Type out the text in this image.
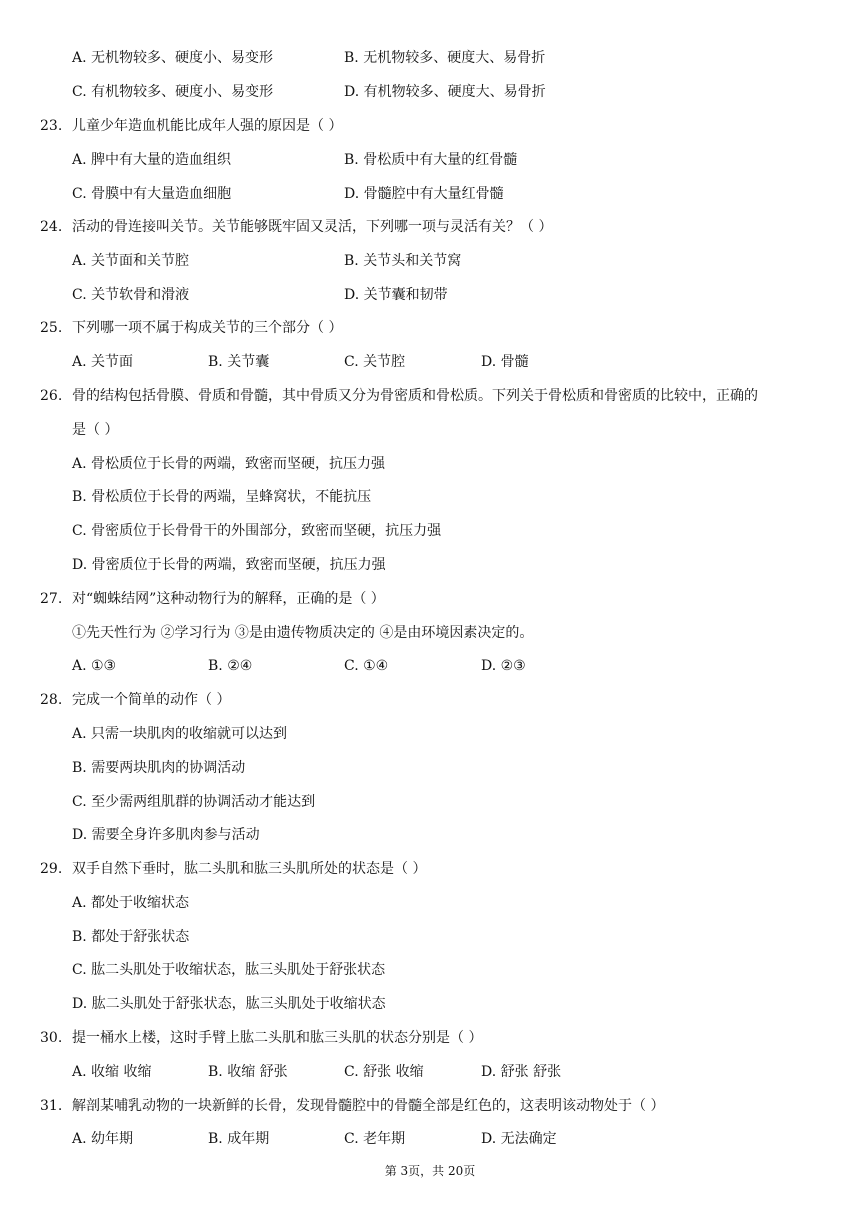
A. 无机物较多、硬度小、易变形	B. 无机物较多、硬度大、易骨折
C. 有机物较多、硬度小、易变形	D. 有机物较多、硬度大、易骨折
23. 儿童少年造血机能比成年人强的原因是（ ）
A. 脾中有大量的造血组织	B. 骨松质中有大量的红骨髓
C. 骨膜中有大量造血细胞	D. 骨髓腔中有大量红骨髓
24. 活动的骨连接叫关节。关节能够既牢固又灵活，下列哪一项与灵活有关？（ ）
A. 关节面和关节腔	B. 关节头和关节窝
C. 关节软骨和滑液	D. 关节囊和韧带
25. 下列哪一项不属于构成关节的三个部分（ ）
A. 关节面	B. 关节囊	C. 关节腔	D. 骨髓
26. 骨的结构包括骨膜、骨质和骨髓，其中骨质又分为骨密质和骨松质。下列关于骨松质和骨密质的比较中，正确的
是（ ）
A. 骨松质位于长骨的两端，致密而坚硬，抗压力强
B. 骨松质位于长骨的两端，呈蜂窝状，不能抗压
C. 骨密质位于长骨骨干的外围部分，致密而坚硬，抗压力强
D. 骨密质位于长骨的两端，致密而坚硬，抗压力强
27. 对“蜘蛛结网”这种动物行为的解释，正确的是（ ）
①先天性行为 ②学习行为 ③是由遗传物质决定的 ④是由环境因素决定的。
A. ①③	B. ②④	C. ①④	D. ②③
28. 完成一个简单的动作（ ）
A. 只需一块肌肉的收缩就可以达到
B. 需要两块肌肉的协调活动
C. 至少需两组肌群的协调活动才能达到
D. 需要全身许多肌肉参与活动
29. 双手自然下垂时，肱二头肌和肱三头肌所处的状态是（ ）
A. 都处于收缩状态
B. 都处于舒张状态
C. 肱二头肌处于收缩状态，肱三头肌处于舒张状态
D. 肱二头肌处于舒张状态，肱三头肌处于收缩状态
30. 提一桶水上楼，这时手臂上肱二头肌和肱三头肌的状态分别是（ ）
A. 收缩 收缩	B. 收缩 舒张	C. 舒张 收缩	D. 舒张 舒张
31. 解剖某哺乳动物的一块新鲜的长骨，发现骨髓腔中的骨髓全部是红色的，这表明该动物处于（ ）
A. 幼年期	B. 成年期	C. 老年期	D. 无法确定
第 3页，共 20页
